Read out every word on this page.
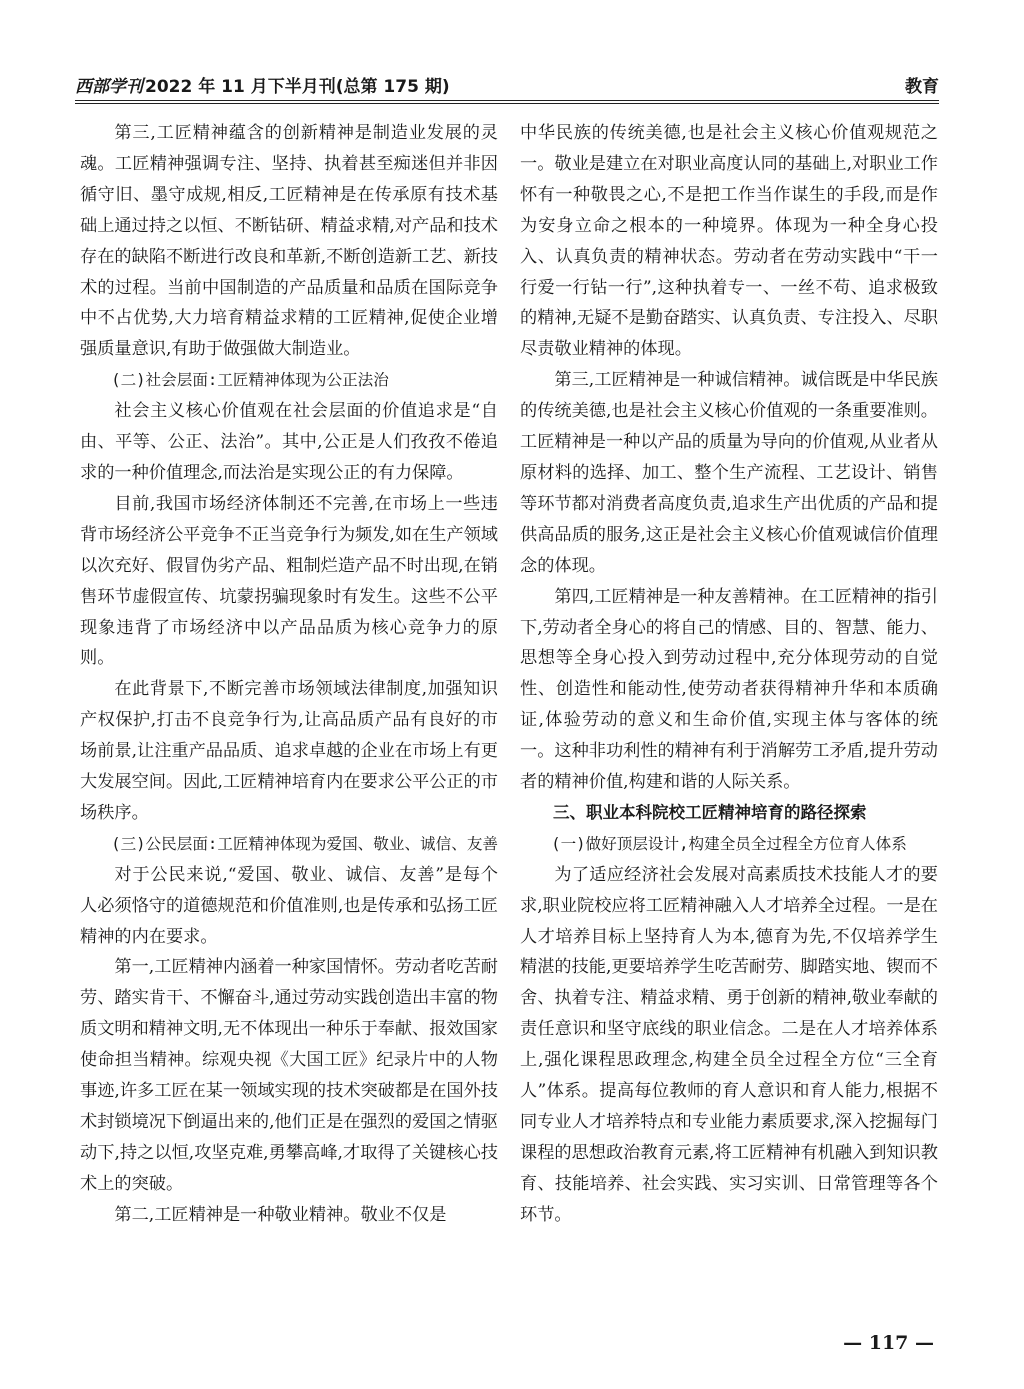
西部学刊 2022 年 11 月下半月刊(总第 175 期)	教育

第三,工匠精神蕴含的创新精神是制造业发展的灵魂。工匠精神强调专注、坚持、执着甚至痴迷但并非因循守旧、墨守成规,相反,工匠精神是在传承原有技术基础上通过持之以恒、不断钻研、精益求精,对产品和技术存在的缺陷不断进行改良和革新,不断创造新工艺、新技术的过程。当前中国制造的产品质量和品质在国际竞争中不占优势,大力培育精益求精的工匠精神,促使企业增强质量意识,有助于做强做大制造业。

(二)社会层面:工匠精神体现为公正法治

社会主义核心价值观在社会层面的价值追求是“自由、平等、公正、法治”。其中,公正是人们孜孜不倦追求的一种价值理念,而法治是实现公正的有力保障。

目前,我国市场经济体制还不完善,在市场上一些违背市场经济公平竞争不正当竞争行为频发,如在生产领域以次充好、假冒伪劣产品、粗制烂造产品不时出现,在销售环节虚假宣传、坑蒙拐骗现象时有发生。这些不公平现象违背了市场经济中以产品品质为核心竞争力的原则。

在此背景下,不断完善市场领域法律制度,加强知识产权保护,打击不良竞争行为,让高品质产品有良好的市场前景,让注重产品品质、追求卓越的企业在市场上有更大发展空间。因此,工匠精神培育内在要求公平公正的市场秩序。

(三)公民层面:工匠精神体现为爱国、敬业、诚信、友善

对于公民来说,“爱国、敬业、诚信、友善”是每个人必须恪守的道德规范和价值准则,也是传承和弘扬工匠精神的内在要求。

第一,工匠精神内涵着一种家国情怀。劳动者吃苦耐劳、踏实肯干、不懈奋斗,通过劳动实践创造出丰富的物质文明和精神文明,无不体现出一种乐于奉献、报效国家使命担当精神。综观央视《大国工匠》纪录片中的人物事迹,许多工匠在某一领域实现的技术突破都是在国外技术封锁境况下倒逼出来的,他们正是在强烈的爱国之情驱动下,持之以恒,攻坚克难,勇攀高峰,才取得了关键核心技术上的突破。

第二,工匠精神是一种敬业精神。敬业不仅是

中华民族的传统美德,也是社会主义核心价值观规范之一。敬业是建立在对职业高度认同的基础上,对职业工作怀有一种敬畏之心,不是把工作当作谋生的手段,而是作为安身立命之根本的一种境界。体现为一种全身心投入、认真负责的精神状态。劳动者在劳动实践中“干一行爱一行钻一行”,这种执着专一、一丝不苟、追求极致的精神,无疑不是勤奋踏实、认真负责、专注投入、尽职尽责敬业精神的体现。

第三,工匠精神是一种诚信精神。诚信既是中华民族的传统美德,也是社会主义核心价值观的一条重要准则。工匠精神是一种以产品的质量为导向的价值观,从业者从原材料的选择、加工、整个生产流程、工艺设计、销售等环节都对消费者高度负责,追求生产出优质的产品和提供高品质的服务,这正是社会主义核心价值观诚信价值理念的体现。

第四,工匠精神是一种友善精神。在工匠精神的指引下,劳动者全身心的将自己的情感、目的、智慧、能力、思想等全身心投入到劳动过程中,充分体现劳动的自觉性、创造性和能动性,使劳动者获得精神升华和本质确证,体验劳动的意义和生命价值,实现主体与客体的统一。这种非功利性的精神有利于消解劳工矛盾,提升劳动者的精神价值,构建和谐的人际关系。

三、职业本科院校工匠精神培育的路径探索

(一)做好顶层设计,构建全员全过程全方位育人体系

为了适应经济社会发展对高素质技术技能人才的要求,职业院校应将工匠精神融入人才培养全过程。一是在人才培养目标上坚持育人为本,德育为先,不仅培养学生精湛的技能,更要培养学生吃苦耐劳、脚踏实地、锲而不舍、执着专注、精益求精、勇于创新的精神,敬业奉献的责任意识和坚守底线的职业信念。二是在人才培养体系上,强化课程思政理念,构建全员全过程全方位“三全育人”体系。提高每位教师的育人意识和育人能力,根据不同专业人才培养特点和专业能力素质要求,深入挖掘每门课程的思想政治教育元素,将工匠精神有机融入到知识教育、技能培养、社会实践、实习实训、日常管理等各个环节。

— 117 —
